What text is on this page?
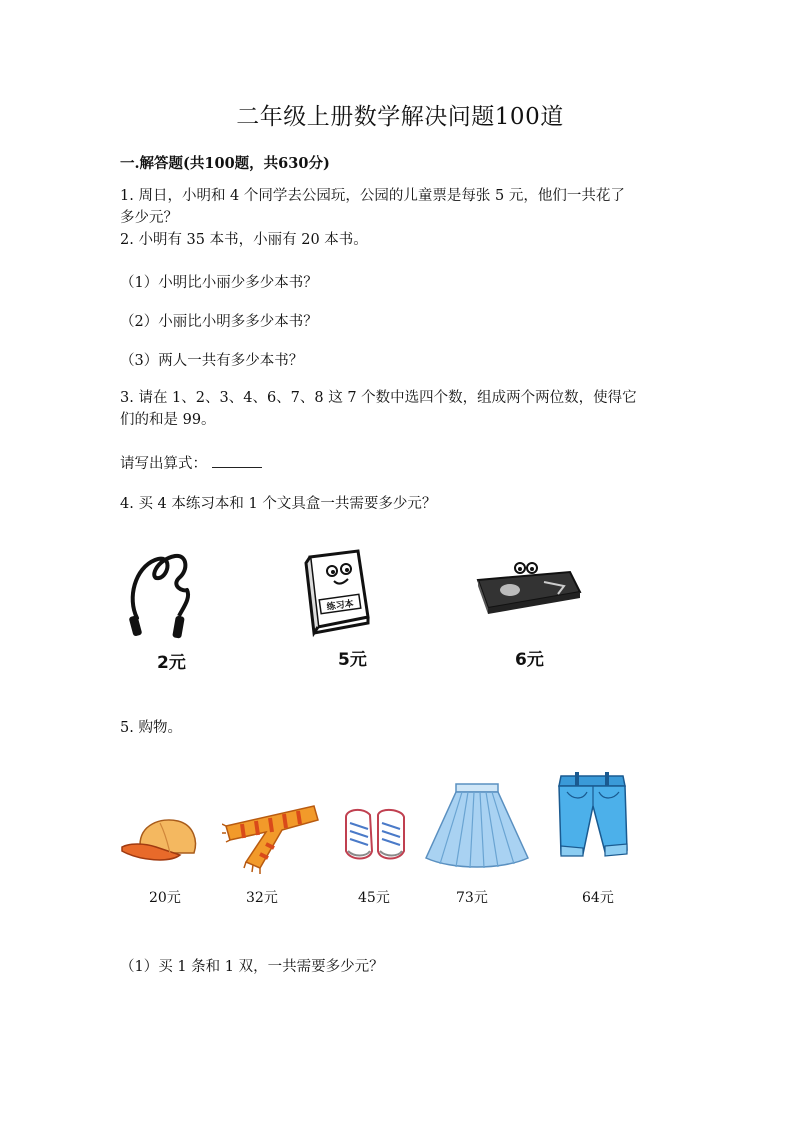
二年级上册数学解决问题100道
一.解答题(共100题，共630分)
1. 周日，小明和 4 个同学去公园玩，公园的儿童票是每张 5 元，他们一共花了
多少元？
2. 小明有 35 本书，小丽有 20 本书。
（1）小明比小丽少多少本书？
（2）小丽比小明多多少本书？
（3）两人一共有多少本书？
3. 请在 1、2、3、4、6、7、8 这 7 个数中选四个数，组成两个两位数，使得它
们的和是 99。
请写出算式：
4. 买 4 本练习本和 1 个文具盒一共需要多少元？
2元
练习本
5元	6元
5. 购物。
20元	32元	45元	73元	64元
（1）买 1 条和 1 双，一共需要多少元？
